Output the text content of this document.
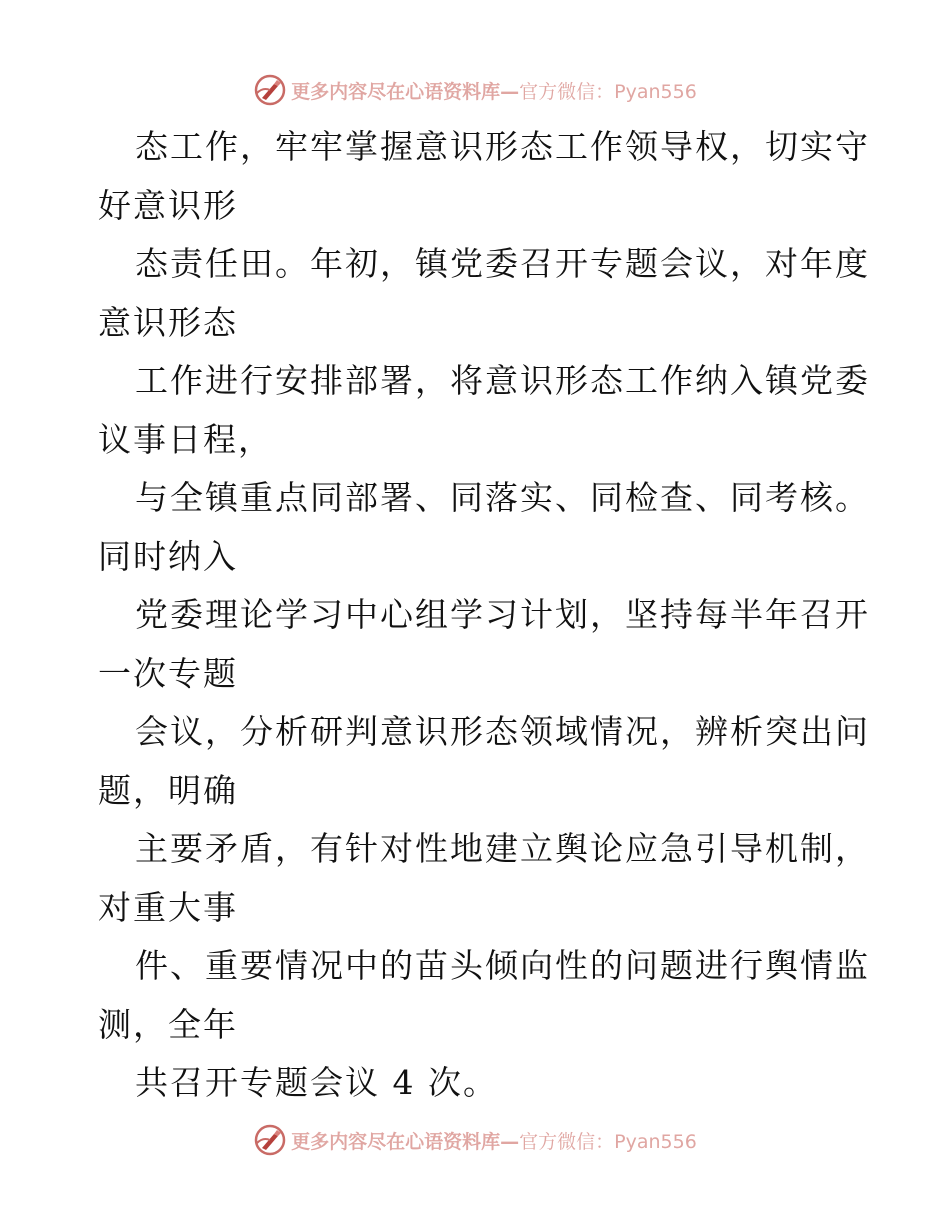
更多内容尽在心语资料库—官方微信：Pyan556

态工作，牢牢掌握意识形态工作领导权，切实守
好意识形

态责任田。年初，镇党委召开专题会议，对年度
意识形态

工作进行安排部署，将意识形态工作纳入镇党委
议事日程，

与全镇重点同部署、同落实、同检查、同考核。
同时纳入

党委理论学习中心组学习计划，坚持每半年召开
一次专题

会议，分析研判意识形态领域情况，辨析突出问
题，明确

主要矛盾，有针对性地建立舆论应急引导机制，
对重大事

件、重要情况中的苗头倾向性的问题进行舆情监
测，全年

共召开专题会议 4 次。

更多内容尽在心语资料库—官方微信：Pyan556
